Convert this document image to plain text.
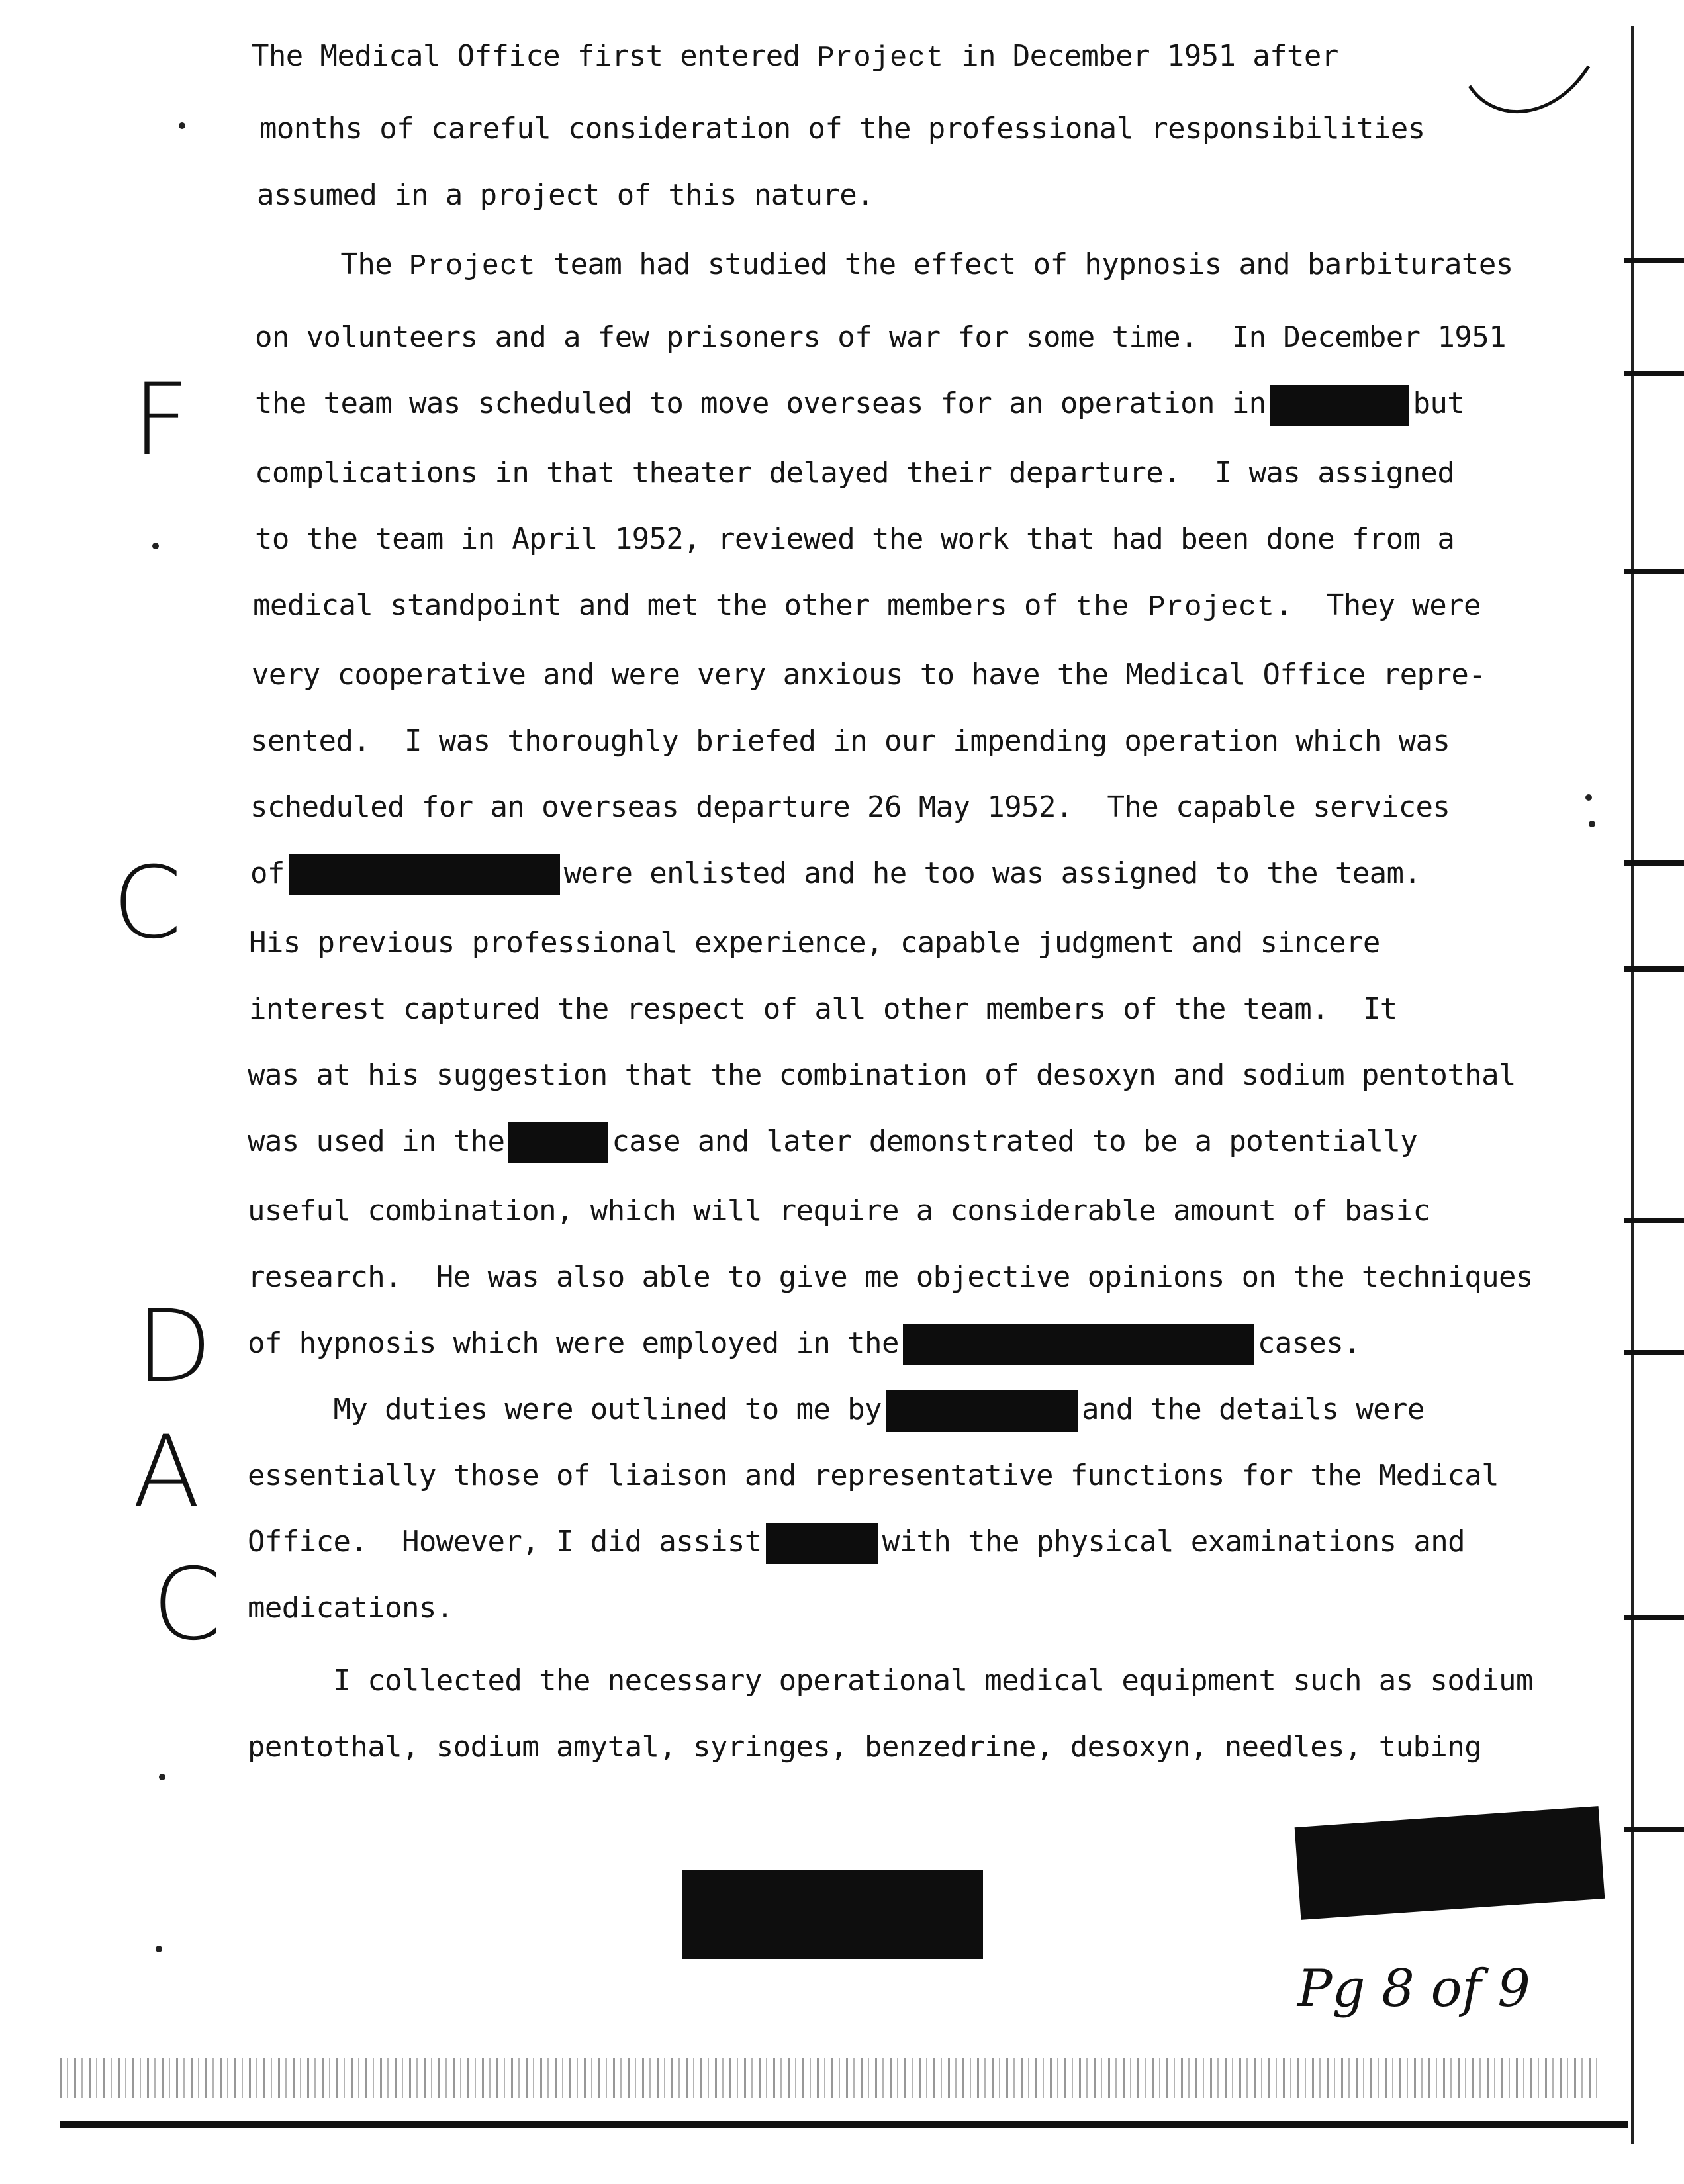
The Medical Office first entered Project in December 1951 after
months of careful consideration of the professional responsibilities
assumed in a project of this nature.
The Project team had studied the effect of hypnosis and barbiturates
on volunteers and a few prisoners of war for some time.  In December 1951
the team was scheduled to move overseas for an operation in	but
complications in that theater delayed their departure.  I was assigned
to the team in April 1952, reviewed the work that had been done from a
medical standpoint and met the other members of the Project.  They were
very cooperative and were very anxious to have the Medical Office repre-
sented.  I was thoroughly briefed in our impending operation which was
scheduled for an overseas departure 26 May 1952.  The capable services
of	were enlisted and he too was assigned to the team.
His previous professional experience, capable judgment and sincere
interest captured the respect of all other members of the team.  It
was at his suggestion that the combination of desoxyn and sodium pentothal
was used in the	case and later demonstrated to be a potentially
useful combination, which will require a considerable amount of basic
research.  He was also able to give me objective opinions on the techniques
of hypnosis which were employed in the	cases.
My duties were outlined to me by	and the details were
essentially those of liaison and representative functions for the Medical
Office.  However, I did assist	with the physical examinations and
medications.
I collected the necessary operational medical equipment such as sodium
pentothal, sodium amytal, syringes, benzedrine, desoxyn, needles, tubing
F
C
D
A
C
Pg 8 of 9
